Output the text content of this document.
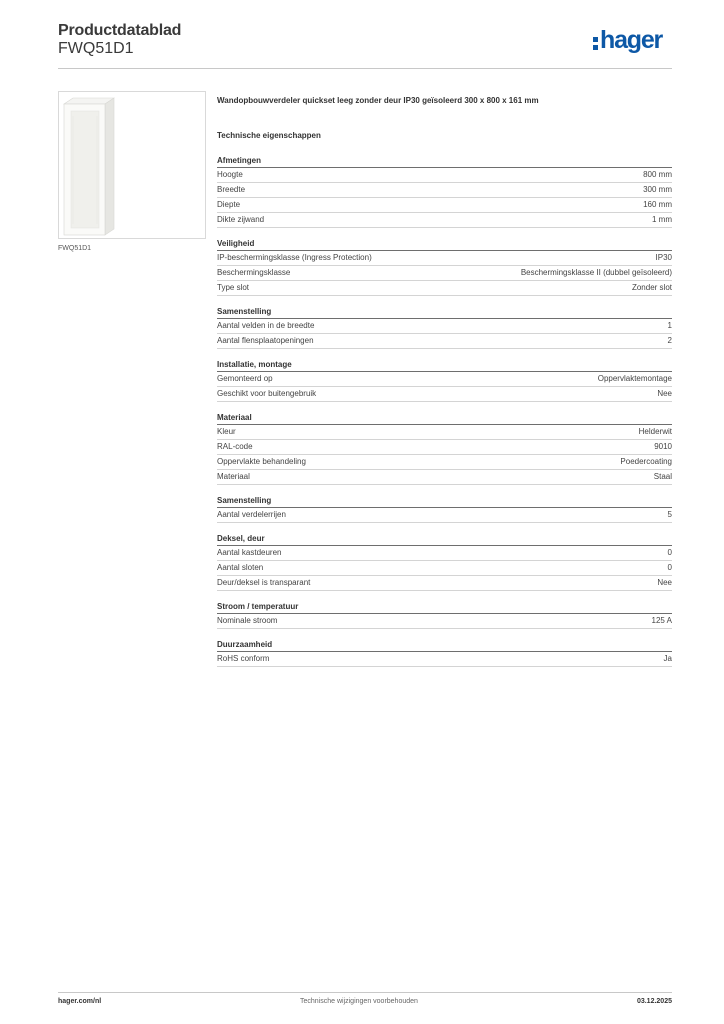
Productdatablad
FWQ51D1	hager
FWQ51D1
Wandopbouwverdeler quickset leeg zonder deur IP30 geïsoleerd 300 x 800 x 161 mm
Technische eigenschappen
Afmetingen
Hoogte	800 mm
Breedte	300 mm
Diepte	160 mm
Dikte zijwand	1 mm
Veiligheid
IP-beschermingsklasse (Ingress Protection)	IP30
Beschermingsklasse	Beschermingsklasse II (dubbel geïsoleerd)
Type slot	Zonder slot
Samenstelling
Aantal velden in de breedte	1
Aantal flensplaatopeningen	2
Installatie, montage
Gemonteerd op	Oppervlaktemontage
Geschikt voor buitengebruik	Nee
Materiaal
Kleur	Helderwit
RAL-code	9010
Oppervlakte behandeling	Poedercoating
Materiaal	Staal
Samenstelling
Aantal verdelerrijen	5
Deksel, deur
Aantal kastdeuren	0
Aantal sloten	0
Deur/deksel is transparant	Nee
Stroom / temperatuur
Nominale stroom	125 A
Duurzaamheid
RoHS conform	Ja
hager.com/nl	Technische wijzigingen voorbehouden	03.12.2025
